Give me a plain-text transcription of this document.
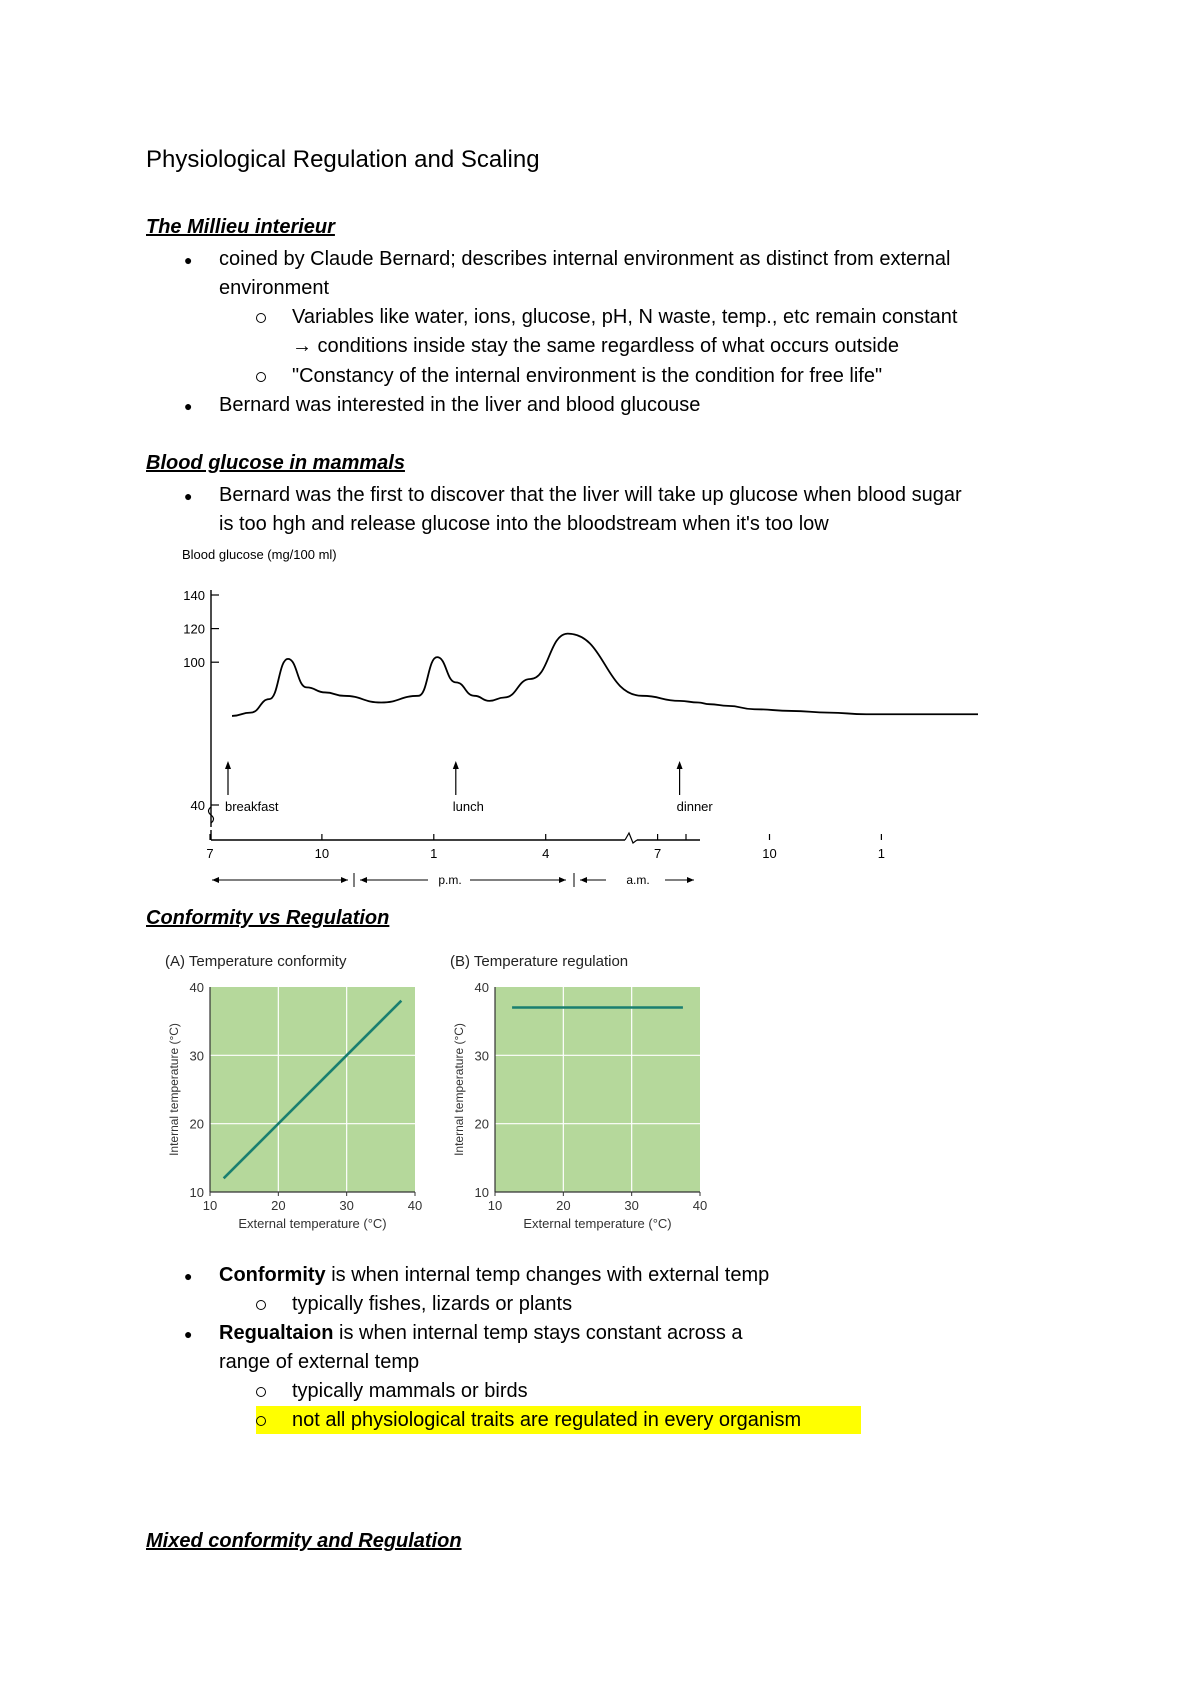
Physiological Regulation and Scaling
The Millieu interieur
● coined by Claude Bernard; describes internal environment as distinct from external
environment
Variables like water, ions, glucose, pH, N waste, temp., etc remain constant
→ conditions inside stay the same regardless of what occurs outside
"Constancy of the internal environment is the condition for free life"
● Bernard was interested in the liver and blood glucouse
Blood glucose in mammals
● Bernard was the first to discover that the liver will take up glucose when blood sugar
is too hgh and release glucose into the bloodstream when it's too low
Blood glucose (mg/100 ml)
140
120
100
40
7	10	1	4	7	10	1
p.m.	a.m.
breakfast	lunch	dinner
Conformity vs Regulation
(A) Temperature conformity
10
20
30
40
10	20	30	40
External temperature (°C)
Internal temperature (°C)
(B) Temperature regulation
10
20
30
40
10	20	30	40
External temperature (°C)
Internal temperature (°C)
● Conformity is when internal temp changes with external temp
typically fishes, lizards or plants
● Regualtaion is when internal temp stays constant across a
range of external temp
typically mammals or birds
not all physiological traits are regulated in every organism
Mixed conformity and Regulation
